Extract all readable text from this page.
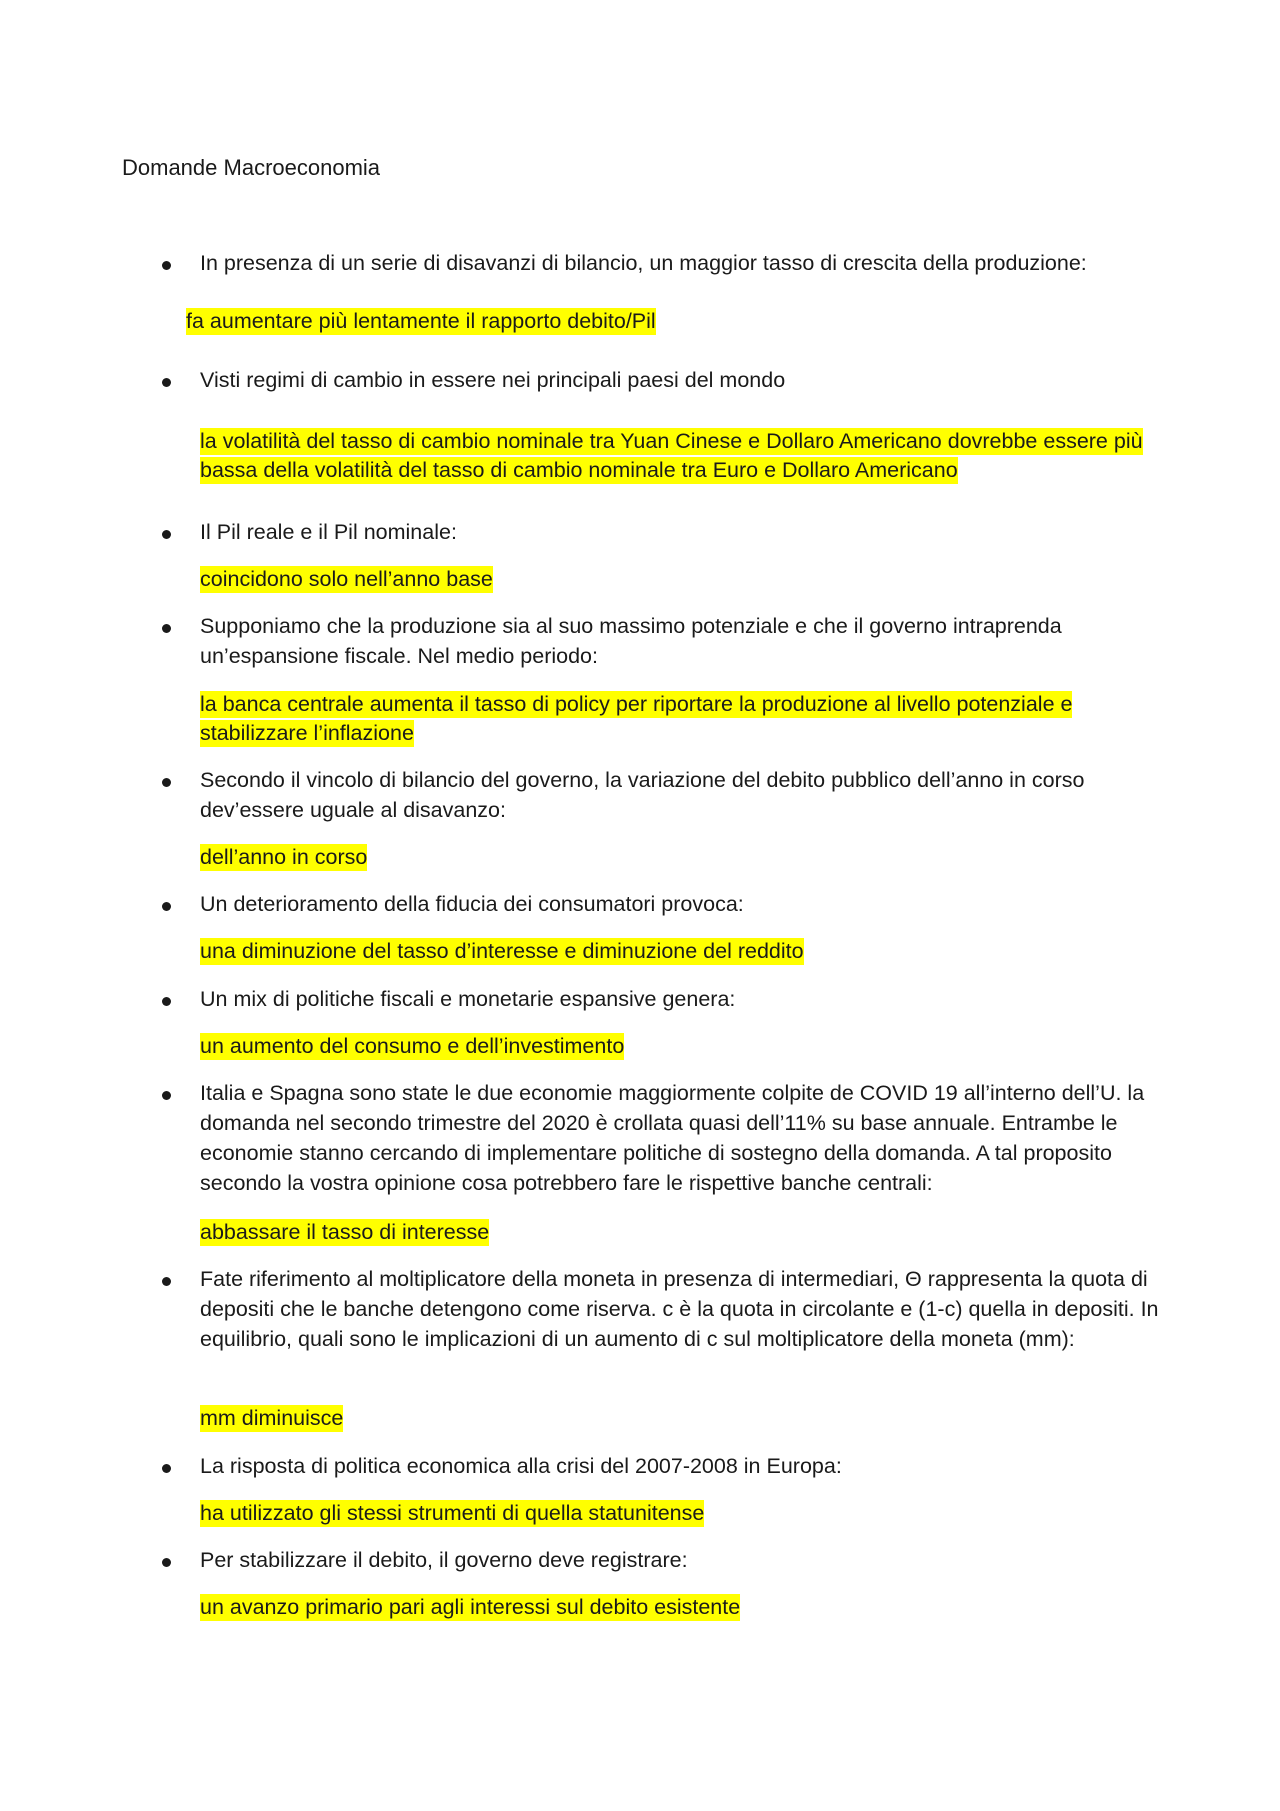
Domande Macroeconomia
In presenza di un serie di disavanzi di bilancio, un maggior tasso di crescita della produzione:
fa aumentare più lentamente il rapporto debito/Pil
Visti regimi di cambio in essere nei principali paesi del mondo
la volatilità del tasso di cambio nominale tra Yuan Cinese e Dollaro Americano dovrebbe essere più bassa della volatilità del tasso di cambio nominale tra Euro e Dollaro Americano
Il Pil reale e il Pil nominale:
coincidono solo nell’anno base
Supponiamo che la produzione sia al suo massimo potenziale e che il governo intraprenda un’espansione fiscale. Nel medio periodo:
la banca centrale aumenta il tasso di policy per riportare la produzione al livello potenziale e stabilizzare l’inflazione
Secondo il vincolo di bilancio del governo, la variazione del debito pubblico dell’anno in corso dev’essere uguale al disavanzo:
dell’anno in corso
Un deterioramento della fiducia dei consumatori provoca:
una diminuzione del tasso d’interesse e diminuzione del reddito
Un mix di politiche fiscali e monetarie espansive genera:
un aumento del consumo e dell’investimento
Italia e Spagna sono state le due economie maggiormente colpite de COVID 19 all’interno dell’U. la domanda nel secondo trimestre del 2020 è crollata quasi dell’11% su base annuale. Entrambe le economie stanno cercando di implementare politiche di sostegno della domanda. A tal proposito secondo la vostra opinione cosa potrebbero fare le rispettive banche centrali:
abbassare il tasso di interesse
Fate riferimento al moltiplicatore della moneta in presenza di intermediari, Θ rappresenta la quota di depositi che le banche detengono come riserva. c è la quota in circolante e (1-c) quella in depositi. In equilibrio, quali sono le implicazioni di un aumento di c sul moltiplicatore della moneta (mm):
mm diminuisce
La risposta di politica economica alla crisi del 2007-2008 in Europa:
ha utilizzato gli stessi strumenti di quella statunitense
Per stabilizzare il debito, il governo deve registrare:
un avanzo primario pari agli interessi sul debito esistente
